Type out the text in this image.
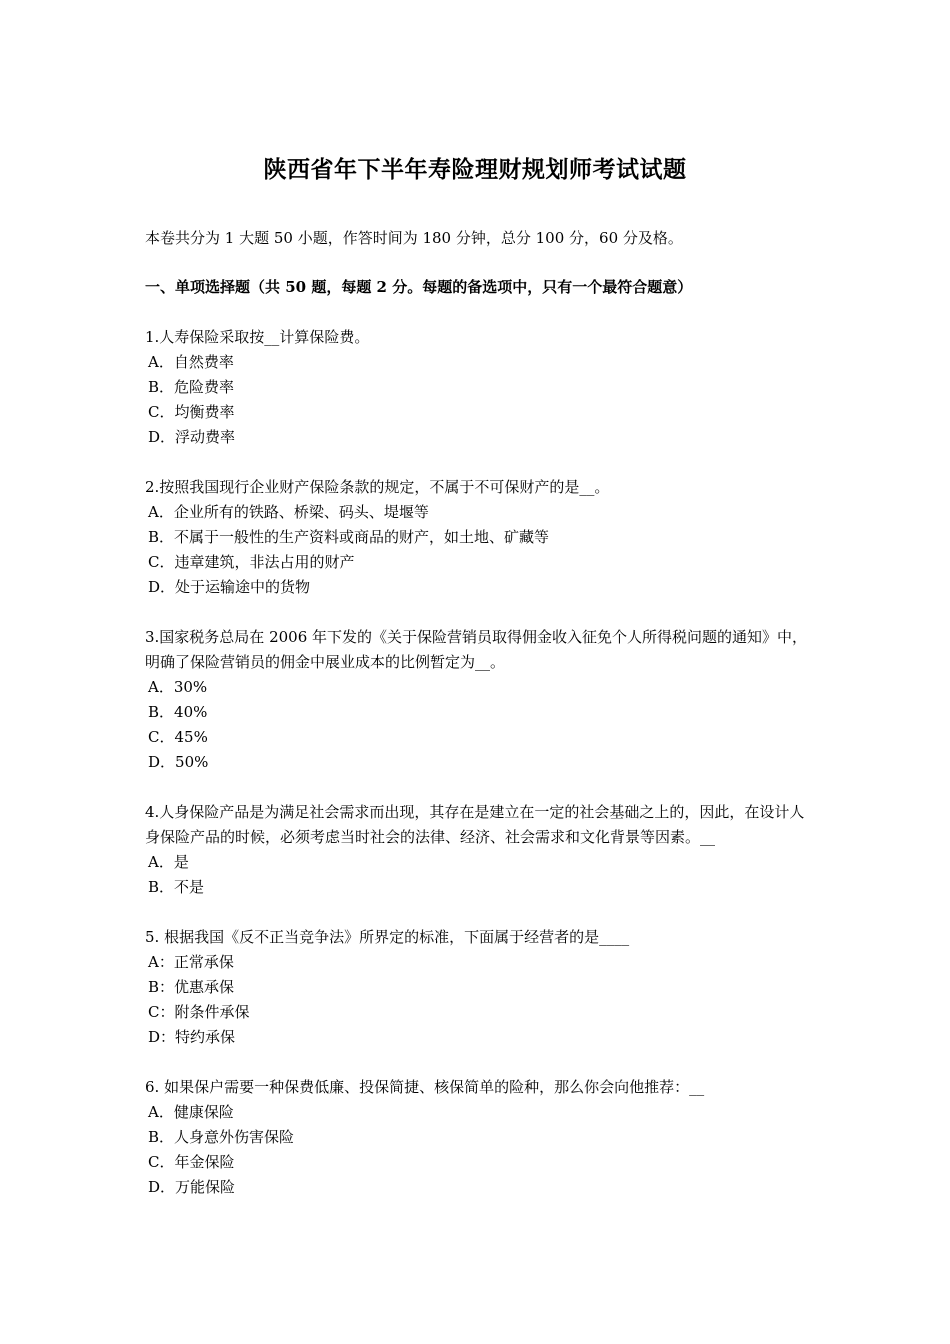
陕西省年下半年寿险理财规划师考试试题
本卷共分为 1 大题 50 小题，作答时间为 180 分钟，总分 100 分，60 分及格。
一、单项选择题（共 50 题，每题 2 分。每题的备选项中，只有一个最符合题意）

1.人寿保险采取按__计算保险费。

A．自然费率
B．危险费率
C．均衡费率
D．浮动费率

2.按照我国现行企业财产保险条款的规定，不属于不可保财产的是__。

A．企业所有的铁路、桥梁、码头、堤堰等
B．不属于一般性的生产资料或商品的财产，如土地、矿藏等
C．违章建筑，非法占用的财产
D．处于运输途中的货物

3.国家税务总局在 2006 年下发的《关于保险营销员取得佣金收入征免个人所得税问题的通知》中，明确了保险营销员的佣金中展业成本的比例暂定为__。

A．30%
B．40%
C．45%
D．50%

4.人身保险产品是为满足社会需求而出现，其存在是建立在一定的社会基础之上的，因此，在设计人身保险产品的时候，必须考虑当时社会的法律、经济、社会需求和文化背景等因素。__

A．是
B．不是

5. 根据我国《反不正当竞争法》所界定的标准，下面属于经营者的是____

A：正常承保
B：优惠承保
C：附条件承保
D：特约承保

6. 如果保户需要一种保费低廉、投保简捷、核保简单的险种，那么你会向他推荐：__

A．健康保险
B．人身意外伤害保险
C．年金保险
D．万能保险
